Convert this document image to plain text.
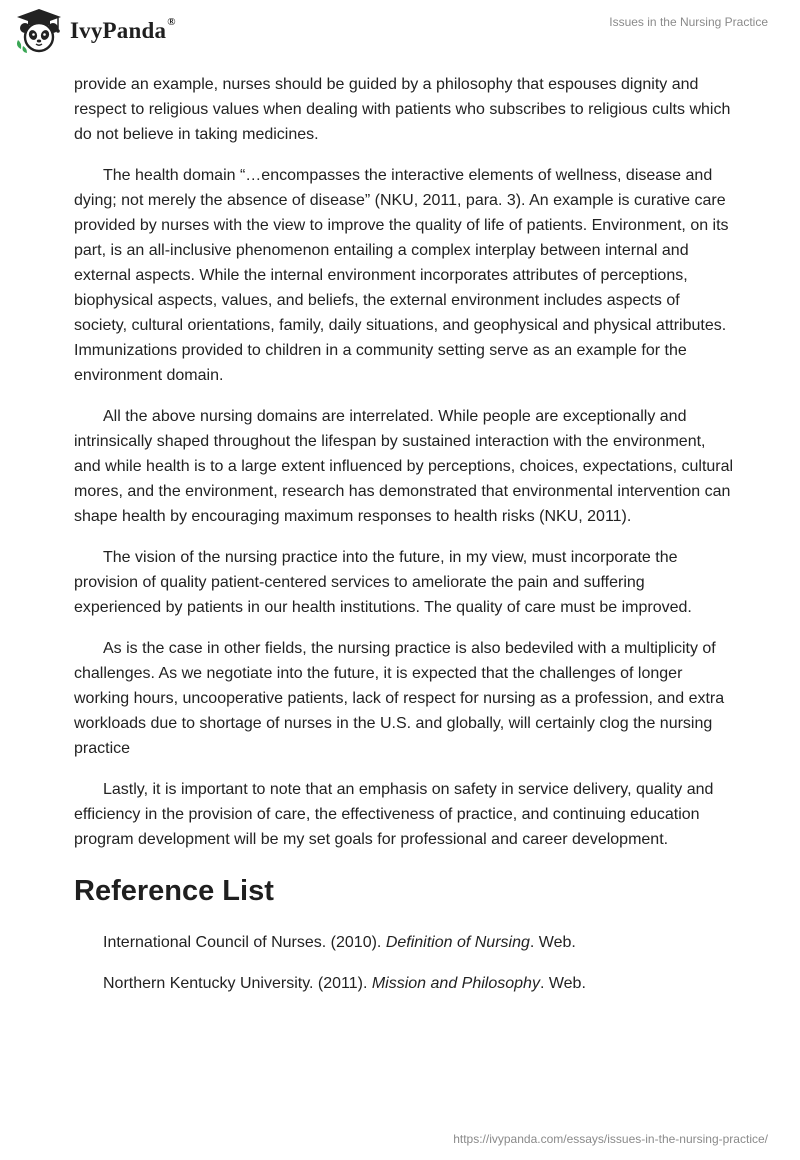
IvyPanda®	Issues in the Nursing Practice

provide an example, nurses should be guided by a philosophy that espouses dignity and respect to religious values when dealing with patients who subscribes to religious cults which do not believe in taking medicines.

The health domain “…encompasses the interactive elements of wellness, disease and dying; not merely the absence of disease” (NKU, 2011, para. 3). An example is curative care provided by nurses with the view to improve the quality of life of patients. Environment, on its part, is an all-inclusive phenomenon entailing a complex interplay between internal and external aspects. While the internal environment incorporates attributes of perceptions, biophysical aspects, values, and beliefs, the external environment includes aspects of society, cultural orientations, family, daily situations, and geophysical and physical attributes. Immunizations provided to children in a community setting serve as an example for the environment domain.

All the above nursing domains are interrelated. While people are exceptionally and intrinsically shaped throughout the lifespan by sustained interaction with the environment, and while health is to a large extent influenced by perceptions, choices, expectations, cultural mores, and the environment, research has demonstrated that environmental intervention can shape health by encouraging maximum responses to health risks (NKU, 2011).

The vision of the nursing practice into the future, in my view, must incorporate the provision of quality patient-centered services to ameliorate the pain and suffering experienced by patients in our health institutions. The quality of care must be improved.

As is the case in other fields, the nursing practice is also bedeviled with a multiplicity of challenges. As we negotiate into the future, it is expected that the challenges of longer working hours, uncooperative patients, lack of respect for nursing as a profession, and extra workloads due to shortage of nurses in the U.S. and globally, will certainly clog the nursing practice

Lastly, it is important to note that an emphasis on safety in service delivery, quality and efficiency in the provision of care, the effectiveness of practice, and continuing education program development will be my set goals for professional and career development.

Reference List

International Council of Nurses. (2010). Definition of Nursing. Web.

Northern Kentucky University. (2011). Mission and Philosophy. Web.

https://ivypanda.com/essays/issues-in-the-nursing-practice/
